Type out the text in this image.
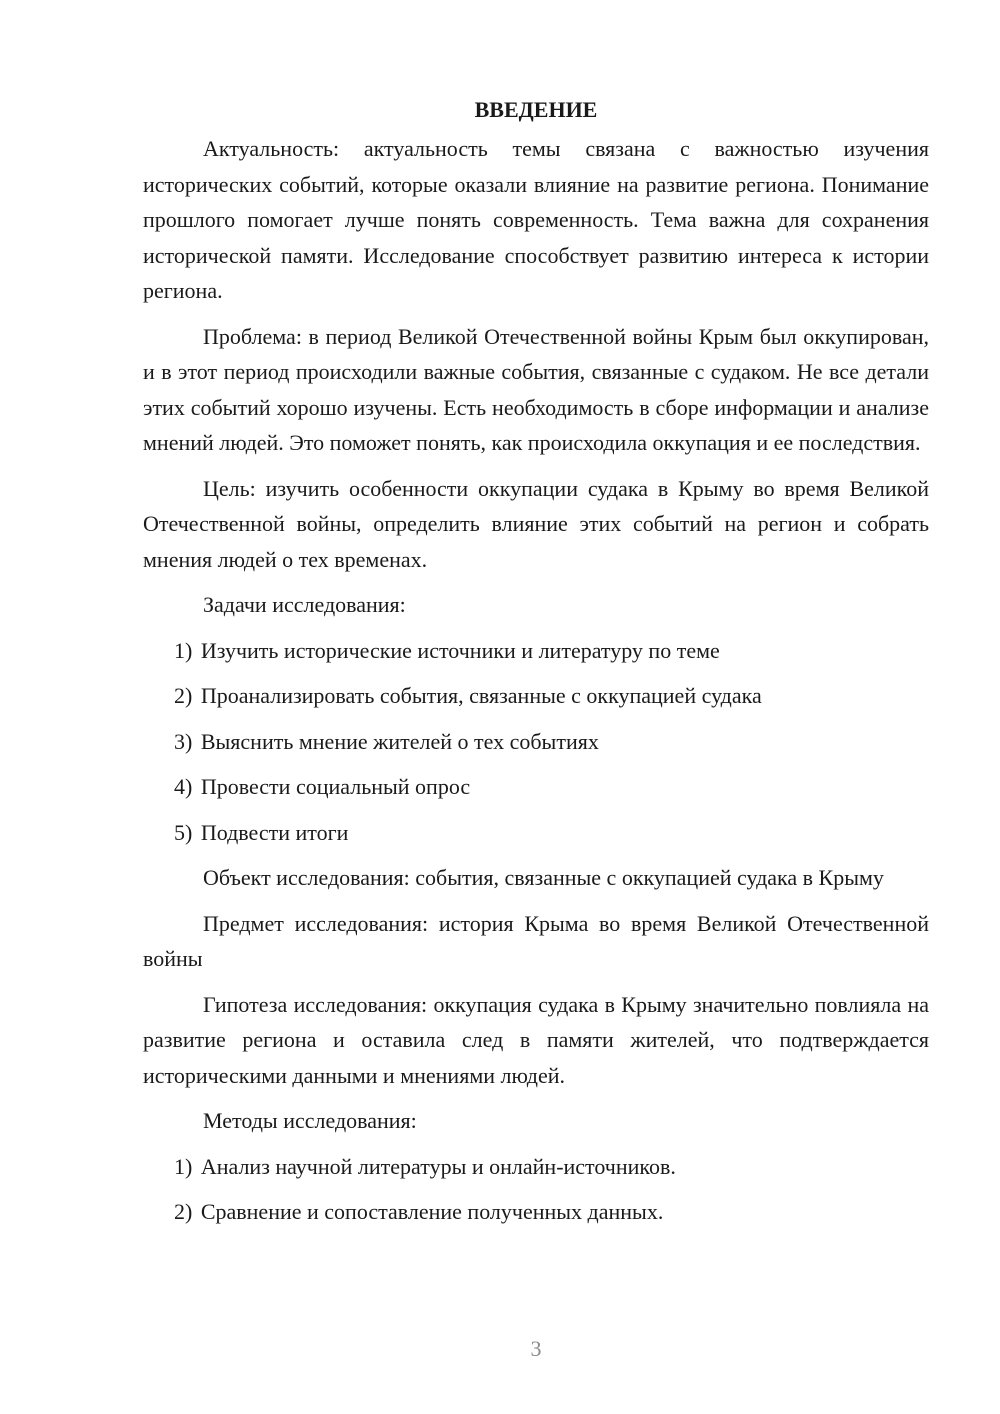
ВВЕДЕНИЕ

Актуальность: актуальность темы связана с важностью изучения исторических событий, которые оказали влияние на развитие региона. Понимание прошлого помогает лучше понять современность. Тема важна для сохранения исторической памяти. Исследование способствует развитию интереса к истории региона.

Проблема: в период Великой Отечественной войны Крым был оккупирован, и в этот период происходили важные события, связанные с судаком. Не все детали этих событий хорошо изучены. Есть необходимость в сборе информации и анализе мнений людей. Это поможет понять, как происходила оккупация и ее последствия.

Цель: изучить особенности оккупации судака в Крыму во время Великой Отечественной войны, определить влияние этих событий на регион и собрать мнения людей о тех временах.

Задачи исследования:
1) Изучить исторические источники и литературу по теме
2) Проанализировать события, связанные с оккупацией судака
3) Выяснить мнение жителей о тех событиях
4) Провести социальный опрос
5) Подвести итоги

Объект исследования: события, связанные с оккупацией судака в Крыму

Предмет исследования: история Крыма во время Великой Отечественной войны

Гипотеза исследования: оккупация судака в Крыму значительно повлияла на развитие региона и оставила след в памяти жителей, что подтверждается историческими данными и мнениями людей.

Методы исследования:
1) Анализ научной литературы и онлайн-источников.
2) Сравнение и сопоставление полученных данных.
3
